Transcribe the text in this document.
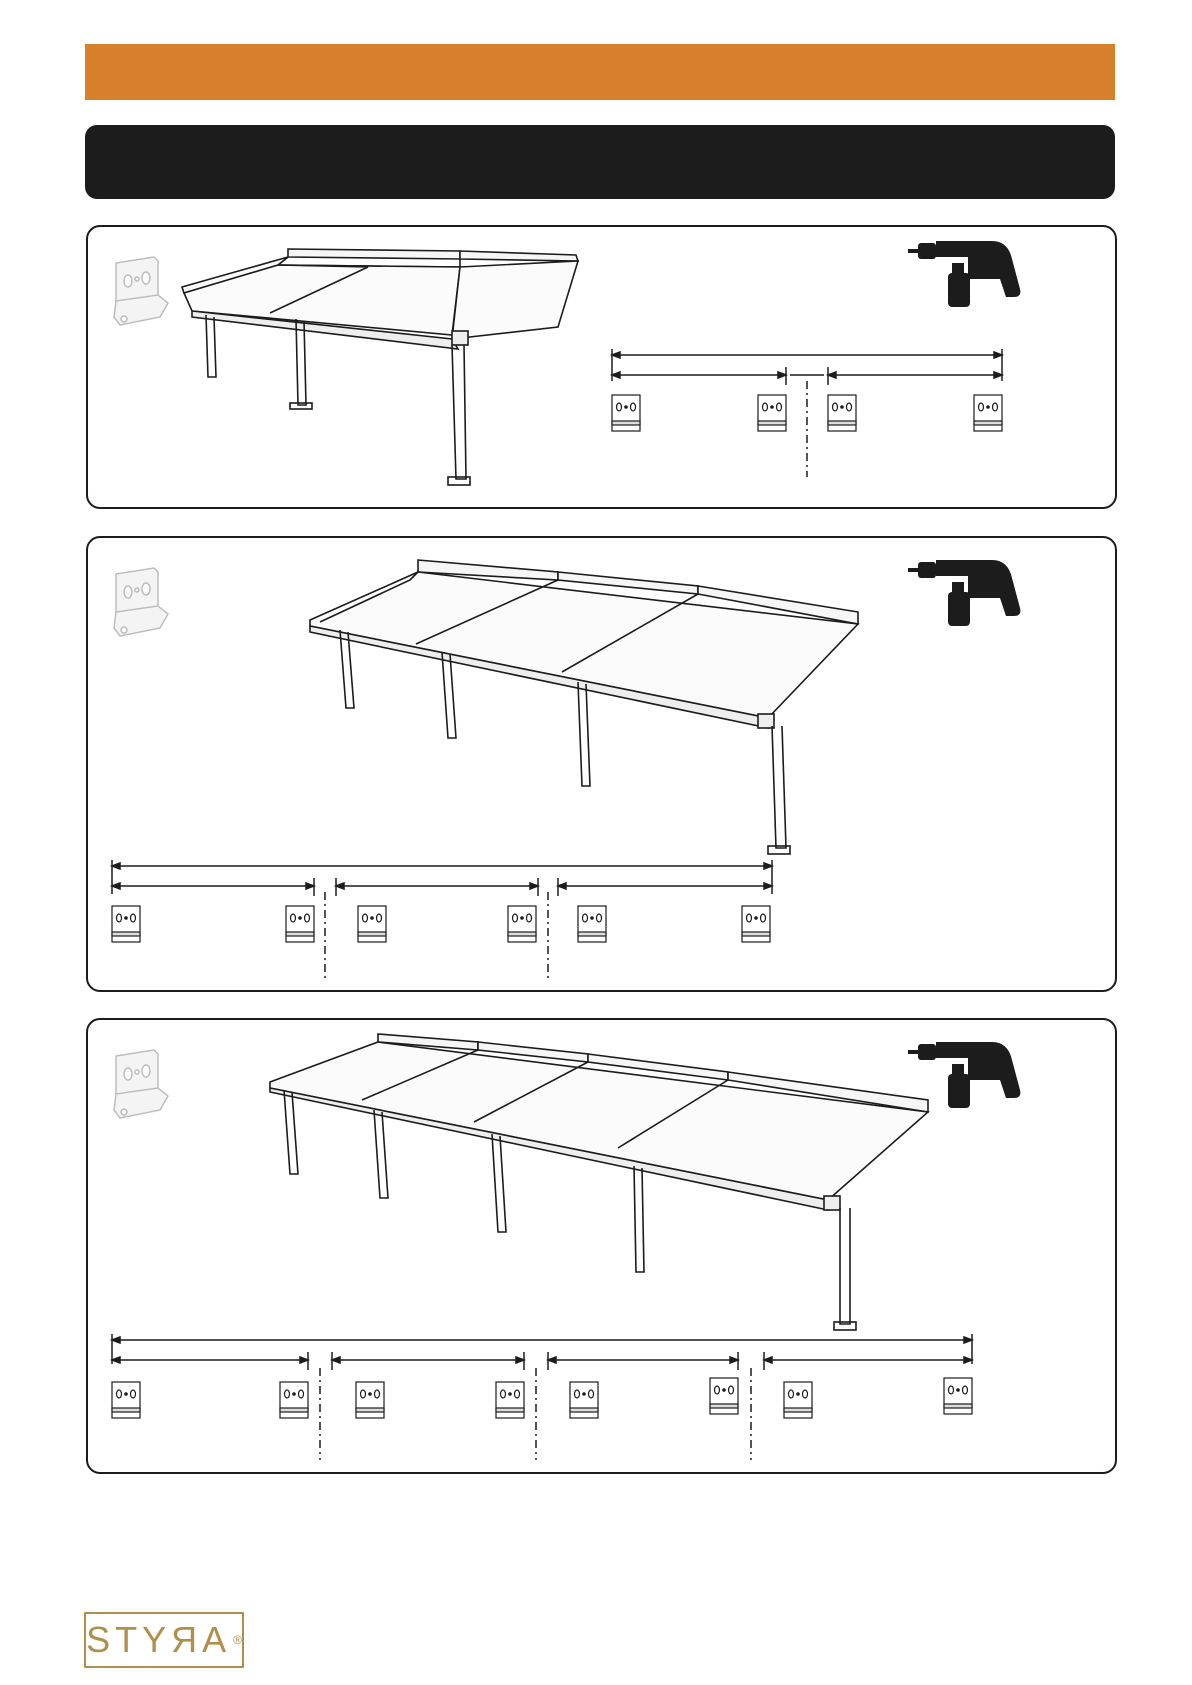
STYЯA ®
